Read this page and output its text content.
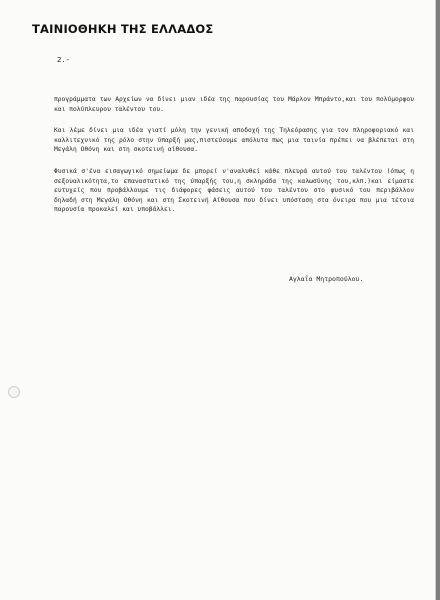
ΤΑΙΝΙΟΘΗΚΗ ΤΗΣ ΕΛΛΑΔΟΣ
2.-

προγράμματα των Αρχείων να δίνει μιαν ιδέα της παρουσίας του Μάρλον Μπράντο,και του πολύμορφου και πολύπλευρου ταλέντου του.

Και λέμε δίνει μια ιδέα γιατί μόλη την γενική αποδοχή της Τηλεόρασης για τον πληροφοριακό και καλλιτεχνικό της ρόλο στην ύπαρξή μας,πιστεύουμε απόλυτα πως μια ταινία πρέπει να βλέπεται στη Μεγάλη Οθόνη και στη σκοτεινή αίθουσα.

Φυσικά σ'ένα εισαγωγικό σημείωμα δε μπορεί ν'αναλυθεί κάθε πλευρά αυτού του ταλέντου (όπως η σεξουαλικότητα,το επαναστατικό της ύπαρξής του,η σκληράδα της καλωσύνης του,κλπ.)και είμαστε ευτυχείς που προβάλλουμε τις διάφορες φάσεις αυτού του ταλέντου στο φυσικό του περιβάλλον δηλαδή στη Μεγάλη Οθόνη και στη Σκοτεινή Αίθουσα που δίνει υπόσταση στα όνειρα που μια τέτοια παρουσία προκαλεί και υποβάλλει.

Αγλαΐα Μητροπούλου.
